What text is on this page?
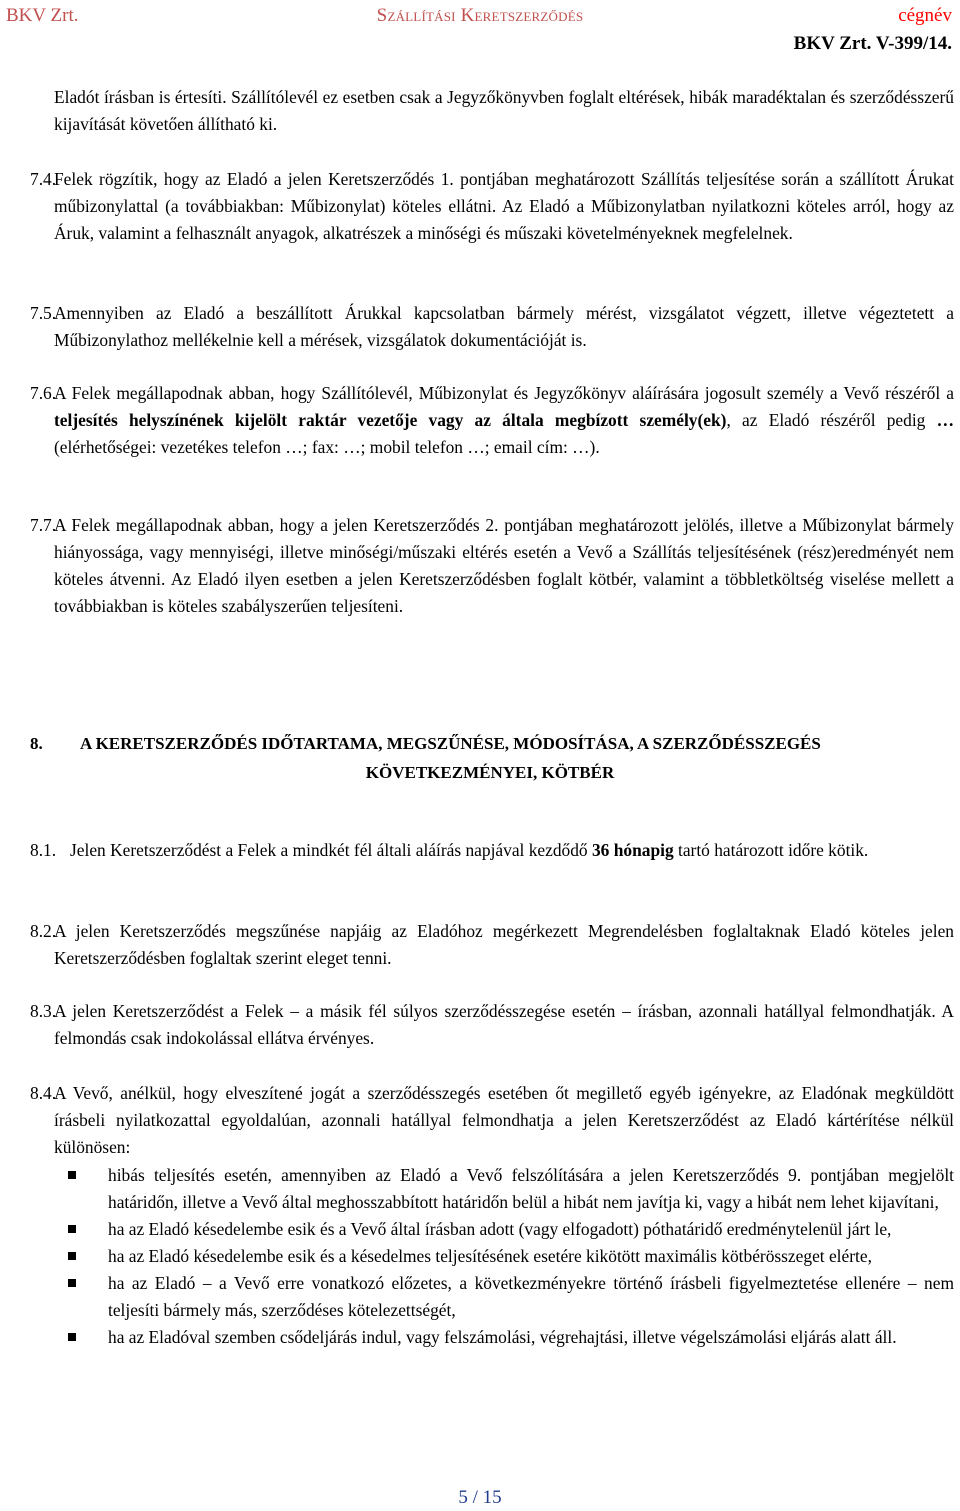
BKV Zrt.	Szállítási Keretszerződés	cégnév
BKV Zrt. V-399/14.
Eladót írásban is értesíti. Szállítólevél ez esetben csak a Jegyzőkönyvben foglalt eltérések, hibák maradéktalan és szerződésszerű kijavítását követően állítható ki.
7.4.
Felek rögzítik, hogy az Eladó a jelen Keretszerződés 1. pontjában meghatározott Szállítás teljesítése során a szállított Árukat műbizonylattal (a továbbiakban: Műbizonylat) köteles ellátni. Az Eladó a Műbizonylatban nyilatkozni köteles arról, hogy az Áruk, valamint a felhasznált anyagok, alkatrészek a minőségi és műszaki követelményeknek megfelelnek.
7.5.
Amennyiben az Eladó a beszállított Árukkal kapcsolatban bármely mérést, vizsgálatot végzett, illetve végeztetett a Műbizonylathoz mellékelnie kell a mérések, vizsgálatok dokumentációját is.
7.6.
A Felek megállapodnak abban, hogy Szállítólevél, Műbizonylat és Jegyzőkönyv aláírására jogosult személy a Vevő részéről a teljesítés helyszínének kijelölt raktár vezetője vagy az általa megbízott személy(ek), az Eladó részéről pedig … (elérhetőségei: vezetékes telefon …; fax: …; mobil telefon …; email cím: …).
7.7.
A Felek megállapodnak abban, hogy a jelen Keretszerződés 2. pontjában meghatározott jelölés, illetve a Műbizonylat bármely hiányossága, vagy mennyiségi, illetve minőségi/műszaki eltérés esetén a Vevő a Szállítás teljesítésének (rész)eredményét nem köteles átvenni. Az Eladó ilyen esetben a jelen Keretszerződésben foglalt kötbér, valamint a többletköltség viselése mellett a továbbiakban is köteles szabályszerűen teljesíteni.
8. A KERETSZERZŐDÉS IDŐTARTAMA, MEGSZŰNÉSE, MÓDOSÍTÁSA, A SZERZŐDÉSSZEGÉS
KÖVETKEZMÉNYEI, KÖTBÉR
8.1. Jelen Keretszerződést a Felek a mindkét fél általi aláírás napjával kezdődő 36 hónapig tartó határozott időre kötik.
8.2.
A jelen Keretszerződés megszűnése napjáig az Eladóhoz megérkezett Megrendelésben foglaltaknak Eladó köteles jelen Keretszerződésben foglaltak szerint eleget tenni.
8.3.
A jelen Keretszerződést a Felek – a másik fél súlyos szerződésszegése esetén – írásban, azonnali hatállyal felmondhatják. A felmondás csak indokolással ellátva érvényes.
8.4.
A Vevő, anélkül, hogy elveszítené jogát a szerződésszegés esetében őt megillető egyéb igényekre, az Eladónak megküldött írásbeli nyilatkozattal egyoldalúan, azonnali hatállyal felmondhatja a jelen Keretszerződést az Eladó kártérítése nélkül különösen:
hibás teljesítés esetén, amennyiben az Eladó a Vevő felszólítására a jelen Keretszerződés 9. pontjában megjelölt határidőn, illetve a Vevő által meghosszabbított határidőn belül a hibát nem javítja ki, vagy a hibát nem lehet kijavítani,
ha az Eladó késedelembe esik és a Vevő által írásban adott (vagy elfogadott) póthatáridő eredménytelenül járt le,
ha az Eladó késedelembe esik és a késedelmes teljesítésének esetére kikötött maximális kötbérösszeget elérte,
ha az Eladó – a Vevő erre vonatkozó előzetes, a következményekre történő írásbeli figyelmeztetése ellenére – nem teljesíti bármely más, szerződéses kötelezettségét,
ha az Eladóval szemben csődeljárás indul, vagy felszámolási, végrehajtási, illetve végelszámolási eljárás alatt áll.
5 / 15
